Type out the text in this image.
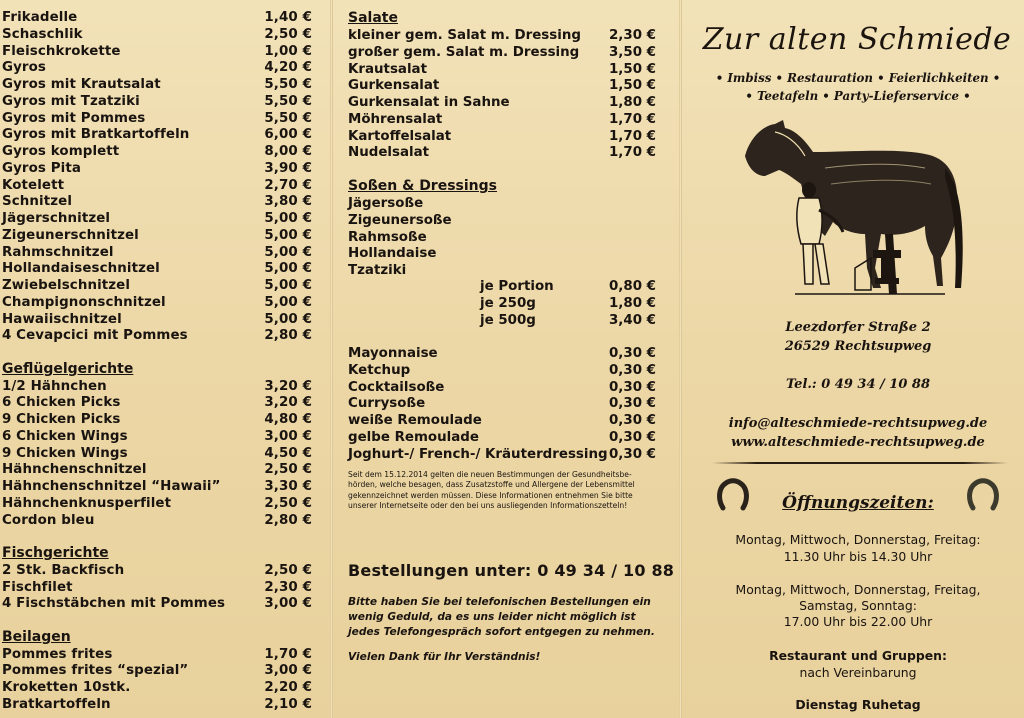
Frikadelle	1,40 €
Schaschlik	2,50 €
Fleischkrokette	1,00 €
Gyros	4,20 €
Gyros mit Krautsalat	5,50 €
Gyros mit Tzatziki	5,50 €
Gyros mit Pommes	5,50 €
Gyros mit Bratkartoffeln	6,00 €
Gyros komplett	8,00 €
Gyros Pita	3,90 €
Kotelett	2,70 €
Schnitzel	3,80 €
Jägerschnitzel	5,00 €
Zigeunerschnitzel	5,00 €
Rahmschnitzel	5,00 €
Hollandaiseschnitzel	5,00 €
Zwiebelschnitzel	5,00 €
Champignonschnitzel	5,00 €
Hawaiischnitzel	5,00 €
4 Cevapcici mit Pommes	2,80 €
Geflügelgerichte
1/2 Hähnchen	3,20 €
6 Chicken Picks	3,20 €
9 Chicken Picks	4,80 €
6 Chicken Wings	3,00 €
9 Chicken Wings	4,50 €
Hähnchenschnitzel	2,50 €
Hähnchenschnitzel “Hawaii”	3,30 €
Hähnchenknusperfilet	2,50 €
Cordon bleu	2,80 €
Fischgerichte
2 Stk. Backfisch	2,50 €
Fischfilet	2,30 €
4 Fischstäbchen mit Pommes	3,00 €
Beilagen
Pommes frites	1,70 €
Pommes frites “spezial”	3,00 €
Kroketten 10stk.	2,20 €
Bratkartoffeln	2,10 €
Salate
kleiner gem. Salat m. Dressing 2,30 €
großer gem. Salat m. Dressing 3,50 €
Krautsalat	1,50 €
Gurkensalat	1,50 €
Gurkensalat in Sahne	1,80 €
Möhrensalat	1,70 €
Kartoffelsalat	1,70 €
Nudelsalat	1,70 €
Jägersoße
Zigeunersoße
Rahmsoße
Hollandaise
Tzatziki
je Portion	0,80 €
je 250g	1,80 €
je 500g	3,40 €
Mayonnaise	0,30 €
Ketchup	0,30 €
Cocktailsoße	0,30 €
Currysoße	0,30 €
weiße Remoulade	0,30 €
gelbe Remoulade	0,30 €
Joghurt-/ French-/ Kräuterdressing 0,30 €
Soßen & Dressings
Seit dem 15.12.2014 gelten die neuen Bestimmungen der Gesundheitsbe-hörden, welche besagen, dass Zusatzstoffe und Allergene der Lebensmittel gekennzeichnet werden müssen. Diese Informationen entnehmen Sie bitte unserer Internetseite oder den bei uns ausliegenden Informationszetteln!
Bestellungen unter: 0 49 34 / 10 88
Bitte haben Sie bei telefonischen Bestellungen ein wenig Geduld, da es uns leider nicht möglich ist jedes Telefongespräch sofort entgegen zu nehmen.
Vielen Dank für Ihr Verständnis!
Zur alten Schmiede
• Imbiss • Restauration • Feierlichkeiten •
• Teetafeln • Party-Lieferservice •
Leezdorfer Straße 2
26529 Rechtsupweg
Tel.: 0 49 34 / 10 88
info@alteschmiede-rechtsupweg.de
www.alteschmiede-rechtsupweg.de
Öffnungszeiten:
Montag, Mittwoch, Donnerstag, Freitag:
11.30 Uhr bis 14.30 Uhr
Montag, Mittwoch, Donnerstag, Freitag,
Samstag, Sonntag:
17.00 Uhr bis 22.00 Uhr
Restaurant und Gruppen:
nach Vereinbarung
Dienstag Ruhetag
